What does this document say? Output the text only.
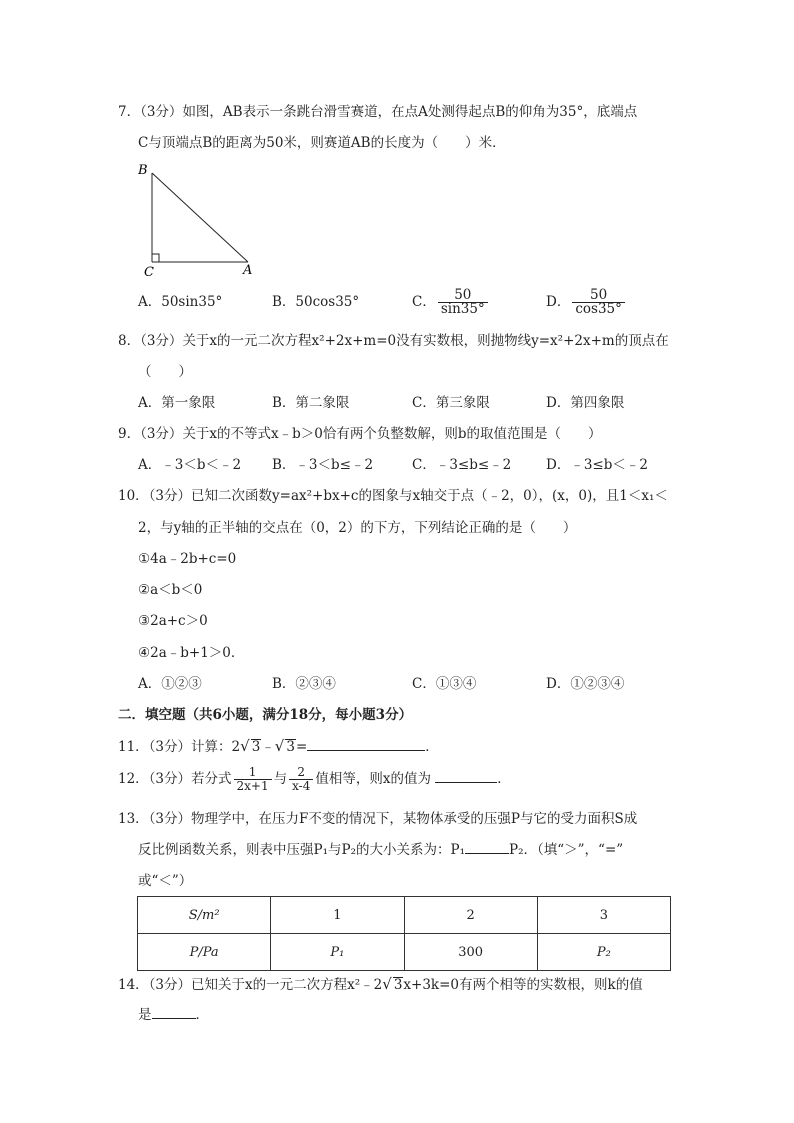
7．（3分）如图，AB表示一条跳台滑雪赛道，在点A处测得起点B的仰角为35°，底端点
C与顶端点B的距离为50米，则赛道AB的长度为（　　）米．
B
C	A
A．50sin35°	B．50cos35°	C． $\frac{50}{\sin 35^\circ}$	D． $\frac{50}{\cos 35^\circ}$
8．（3分）关于x的一元二次方程x²+2x+m=0没有实数根，则抛物线y=x²+2x+m的顶点在
（　　）
A．第一象限	B．第二象限	C．第三象限	D．第四象限
9．（3分）关于x的不等式x﹣b＞0恰有两个负整数解，则b的取值范围是（　　）
A．﹣3＜b＜﹣2 B．﹣3＜b≤﹣2	C．﹣3≤b≤﹣2	D．﹣3≤b＜﹣2
10．（3分）已知二次函数y=ax²+bx+c的图象与x轴交于点（﹣2，0），(x，0)，且1＜x₁＜
2，与y轴的正半轴的交点在（0，2）的下方，下列结论正确的是（　　）
①4a﹣2b+c=0
②a＜b＜0
③2a+c＞0
④2a﹣b+1＞0．
A．①②③	B．②③④	C．①③④	D．①②③④
二．填空题（共6小题，满分18分，每小题3分）
11．（3分）计算：2√ 3﹣√ 3=	．
12．（3分）若分式 $\frac{1}{2x+1}$ 与 $\frac{2}{x-4}$ 值相等，则x的值为	．
13．（3分）物理学中，在压力F不变的情况下，某物体承受的压强P与它的受力面积S成
反比例函数关系，则表中压强P₁与P₂的大小关系为：P₁	P₂．（填“＞”，“=”
或“＜”）
S/m²	1	2	3
P/Pa	P₁	300	P₂
14．（3分）已知关于x的一元二次方程x²﹣2√ 3x+3k=0有两个相等的实数根，则k的值
是	．
